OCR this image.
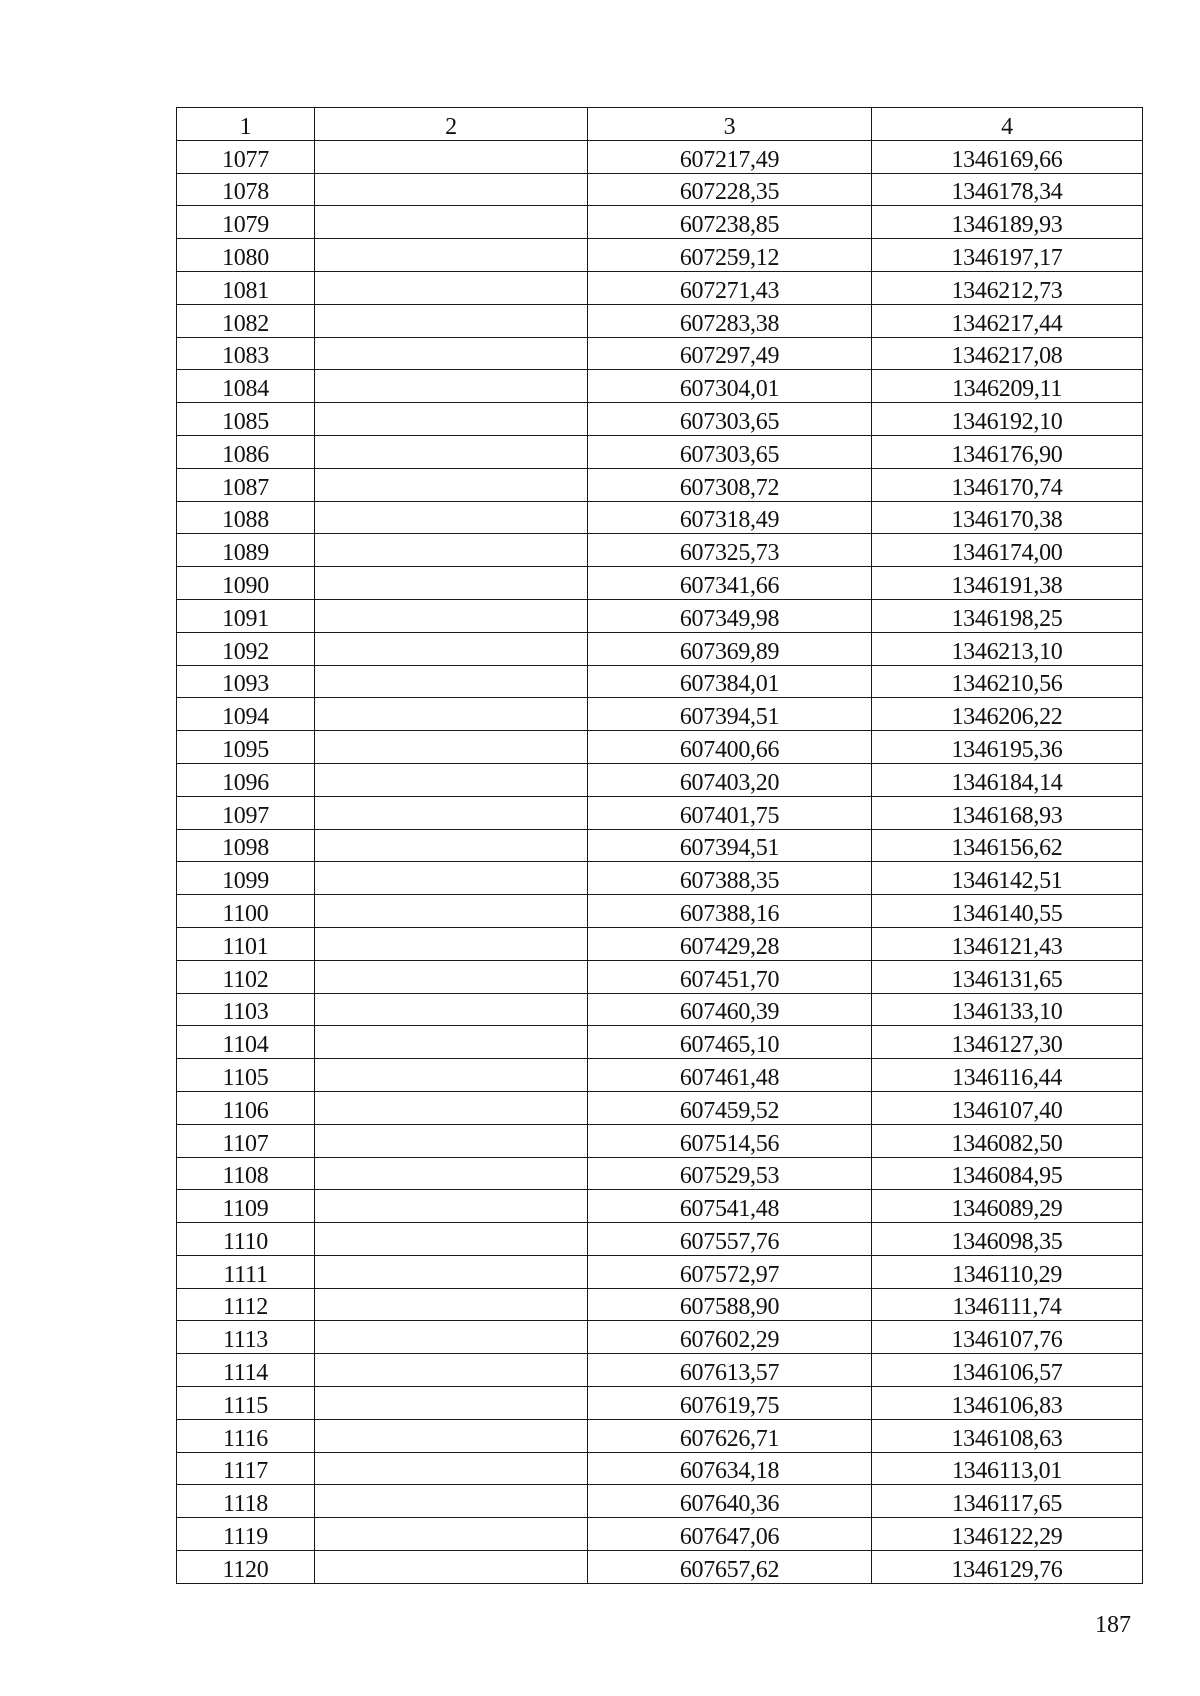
1	2	3	4
1077		607217,49	1346169,66
1078		607228,35	1346178,34
1079		607238,85	1346189,93
1080		607259,12	1346197,17
1081		607271,43	1346212,73
1082		607283,38	1346217,44
1083		607297,49	1346217,08
1084		607304,01	1346209,11
1085		607303,65	1346192,10
1086		607303,65	1346176,90
1087		607308,72	1346170,74
1088		607318,49	1346170,38
1089		607325,73	1346174,00
1090		607341,66	1346191,38
1091		607349,98	1346198,25
1092		607369,89	1346213,10
1093		607384,01	1346210,56
1094		607394,51	1346206,22
1095		607400,66	1346195,36
1096		607403,20	1346184,14
1097		607401,75	1346168,93
1098		607394,51	1346156,62
1099		607388,35	1346142,51
1100		607388,16	1346140,55
1101		607429,28	1346121,43
1102		607451,70	1346131,65
1103		607460,39	1346133,10
1104		607465,10	1346127,30
1105		607461,48	1346116,44
1106		607459,52	1346107,40
1107		607514,56	1346082,50
1108		607529,53	1346084,95
1109		607541,48	1346089,29
1110		607557,76	1346098,35
1111		607572,97	1346110,29
1112		607588,90	1346111,74
1113		607602,29	1346107,76
1114		607613,57	1346106,57
1115		607619,75	1346106,83
1116		607626,71	1346108,63
1117		607634,18	1346113,01
1118		607640,36	1346117,65
1119		607647,06	1346122,29
1120		607657,62	1346129,76
187
